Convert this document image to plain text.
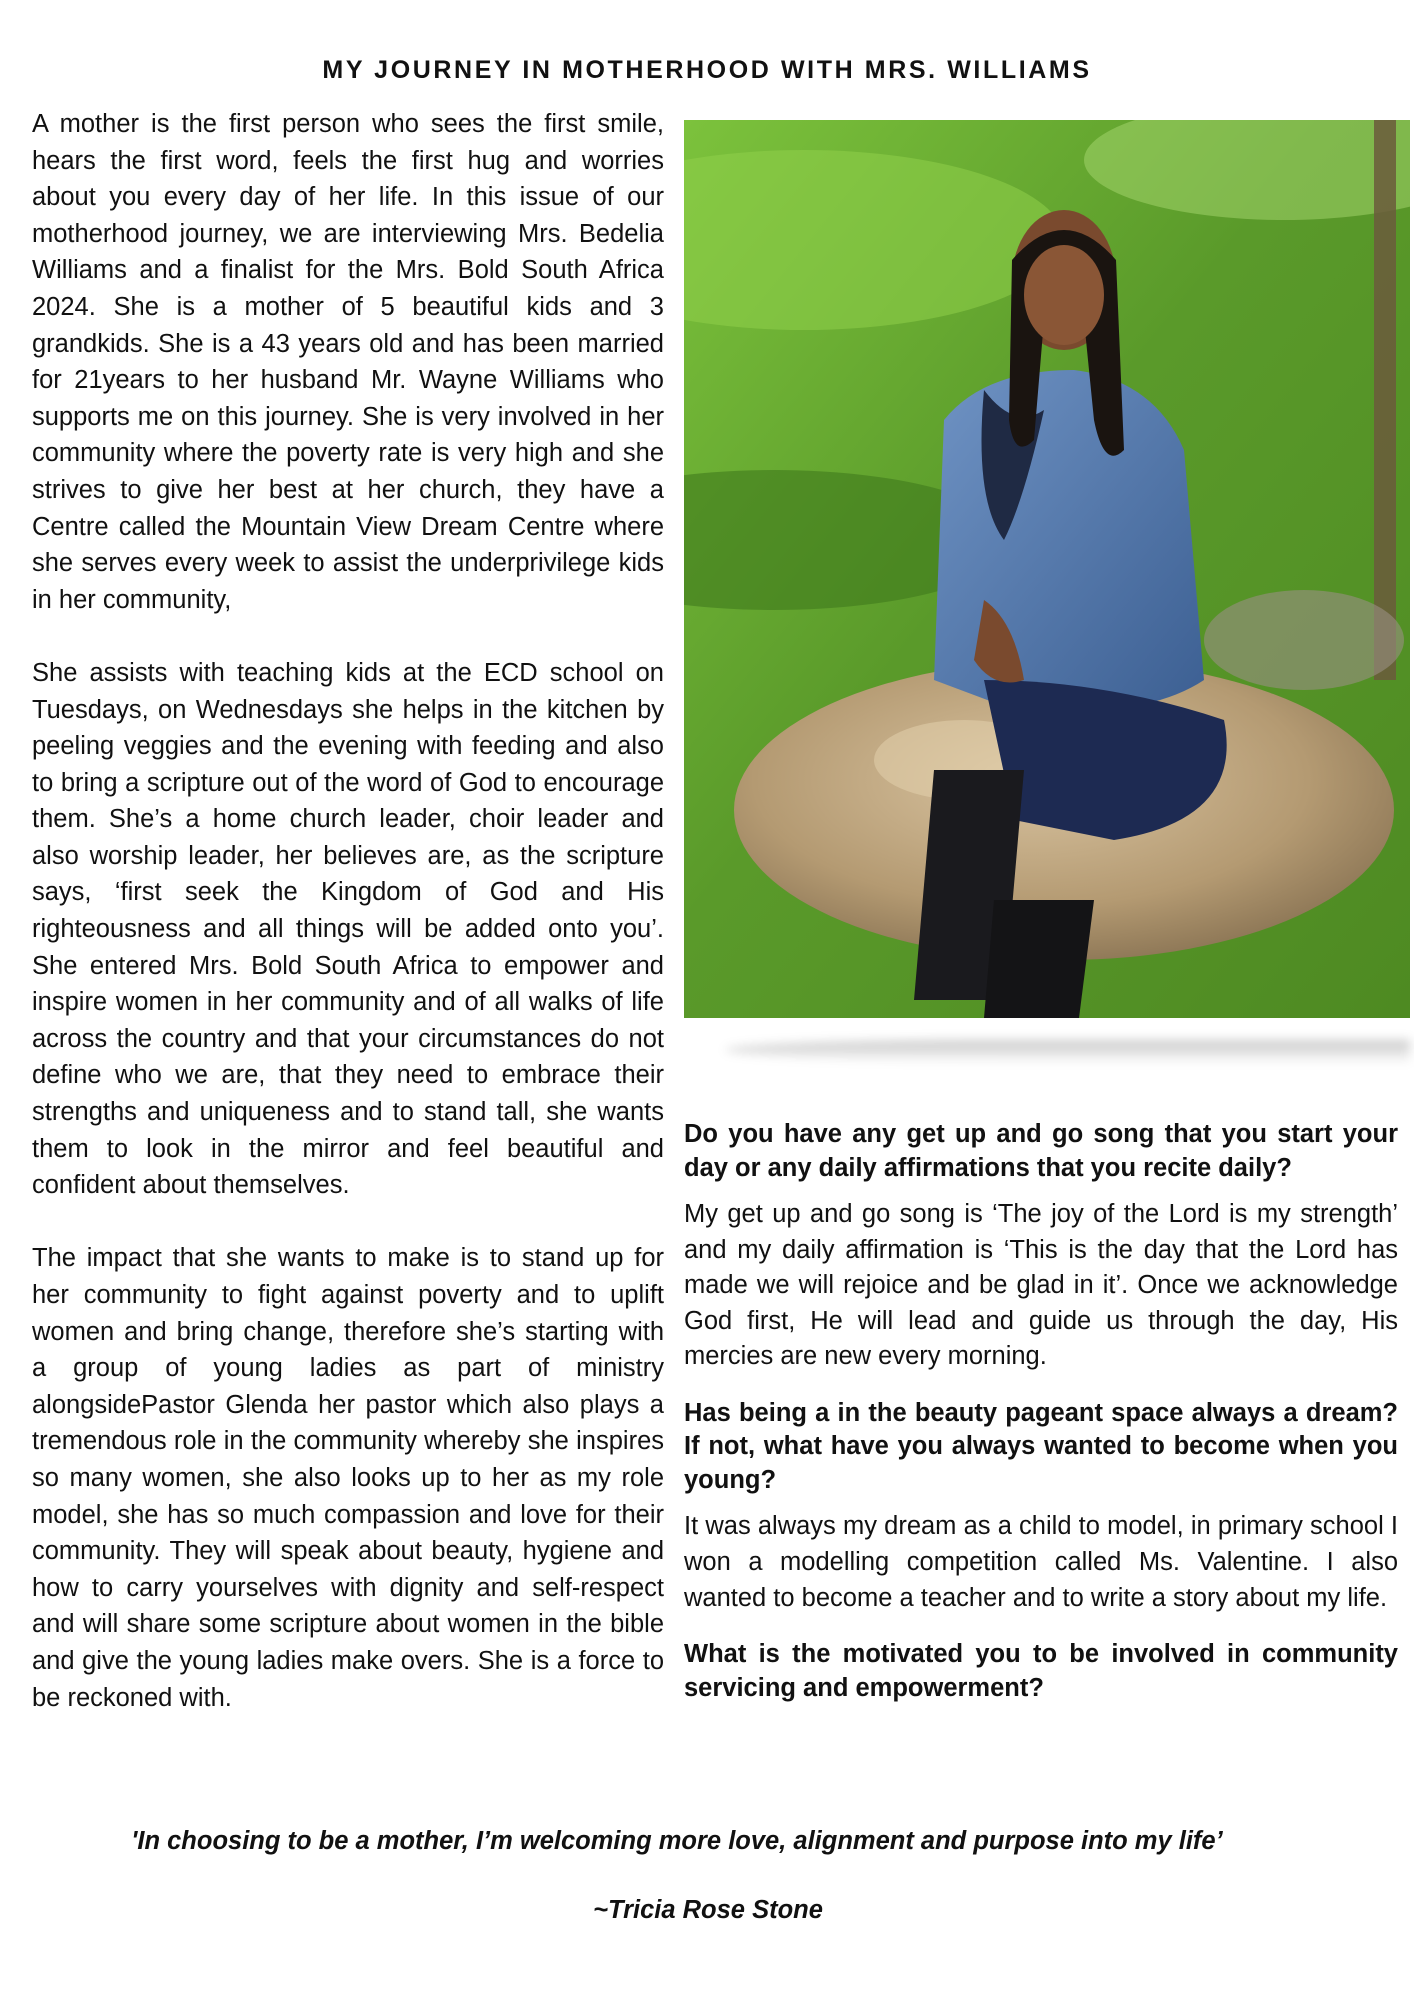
MY JOURNEY IN MOTHERHOOD WITH MRS. WILLIAMS

A mother is the first person who sees the first smile, hears the first word, feels the first hug and worries about you every day of her life. In this issue of our motherhood journey, we are interviewing Mrs. Bedelia Williams and a finalist for the Mrs. Bold South Africa 2024. She is a mother of 5 beautiful kids and 3 grandkids. She is a 43 years old and has been married for 21years to her husband Mr. Wayne Williams who supports me on this journey. She is very involved in her community where the poverty rate is very high and she strives to give her best at her church, they have a Centre called the Mountain View Dream Centre where she serves every week to assist the underprivilege kids in her community,

She assists with teaching kids at the ECD school on Tuesdays, on Wednesdays she helps in the kitchen by peeling veggies and the evening with feeding and also to bring a scripture out of the word of God to encourage them. She’s a home church leader, choir leader and also worship leader, her believes are, as the scripture says, ‘first seek the Kingdom of God and His righteousness and all things will be added onto you’. She entered Mrs. Bold South Africa to empower and inspire women in her community and of all walks of life across the country and that your circumstances do not define who we are, that they need to embrace their strengths and uniqueness and to stand tall, she wants them to look in the mirror and feel beautiful and confident about themselves.

The impact that she wants to make is to stand up for her community to fight against poverty and to uplift women and bring change, therefore she’s starting with a group of young ladies as part of ministry alongsidePastor Glenda her pastor which also plays a tremendous role in the community whereby she inspires so many women, she also looks up to her as my role model, she has so much compassion and love for their community. They will speak about beauty, hygiene and how to carry yourselves with dignity and self-respect and will share some scripture about women in the bible and give the young ladies make overs. She is a force to be reckoned with.

Do you have any get up and go song that you start your day or any daily affirmations that you recite daily?

My get up and go song is ‘The joy of the Lord is my strength’ and my daily affirmation is ‘This is the day that the Lord has made we will rejoice and be glad in it’. Once we acknowledge God first, He will lead and guide us through the day, His mercies are new every morning.

Has being a in the beauty pageant space always a dream? If not, what have you always wanted to become when you young?

It was always my dream as a child to model, in primary school I won a modelling competition called Ms. Valentine. I also wanted to become a teacher and to write a story about my life.

What is the motivated you to be involved in community servicing and empowerment?

'In choosing to be a mother, I’m welcoming more love, alignment and purpose into my life’

~Tricia Rose Stone
